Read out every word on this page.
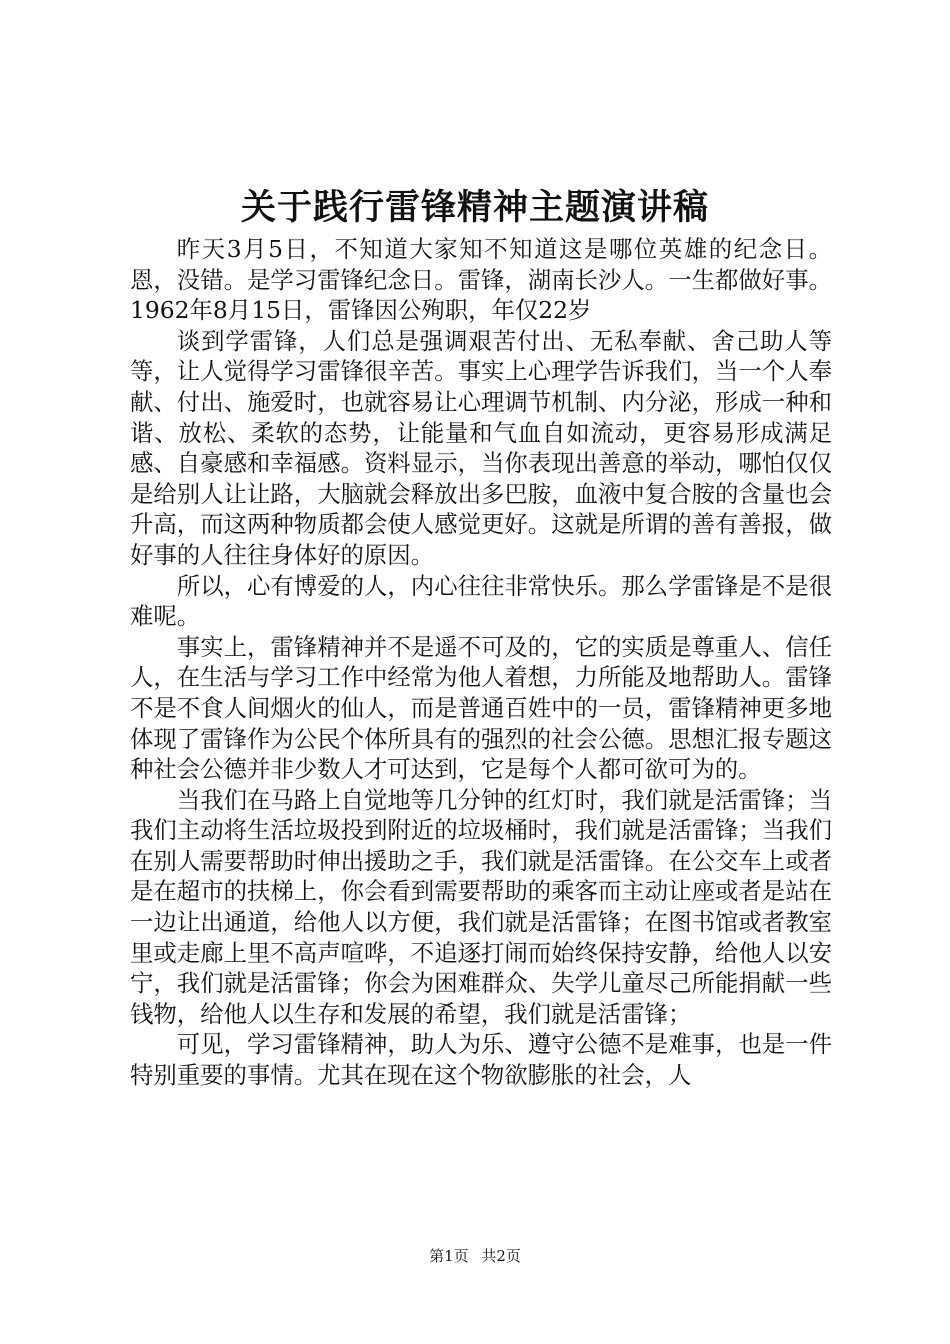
关于践行雷锋精神主题演讲稿

昨天3月5日，不知道大家知不知道这是哪位英雄的纪念日。恩，没错。是学习雷锋纪念日。雷锋，湖南长沙人。一生都做好事。1962年8月15日，雷锋因公殉职，年仅22岁

谈到学雷锋，人们总是强调艰苦付出、无私奉献、舍己助人等等，让人觉得学习雷锋很辛苦。事实上心理学告诉我们，当一个人奉献、付出、施爱时，也就容易让心理调节机制、内分泌，形成一种和谐、放松、柔软的态势，让能量和气血自如流动，更容易形成满足感、自豪感和幸福感。资料显示，当你表现出善意的举动，哪怕仅仅是给别人让让路，大脑就会释放出多巴胺，血液中复合胺的含量也会升高，而这两种物质都会使人感觉更好。这就是所谓的善有善报，做好事的人往往身体好的原因。

所以，心有博爱的人，内心往往非常快乐。那么学雷锋是不是很难呢。

事实上，雷锋精神并不是遥不可及的，它的实质是尊重人、信任人，在生活与学习工作中经常为他人着想，力所能及地帮助人。雷锋不是不食人间烟火的仙人，而是普通百姓中的一员，雷锋精神更多地体现了雷锋作为公民个体所具有的强烈的社会公德。思想汇报专题这种社会公德并非少数人才可达到，它是每个人都可欲可为的。

当我们在马路上自觉地等几分钟的红灯时，我们就是活雷锋；当我们主动将生活垃圾投到附近的垃圾桶时，我们就是活雷锋；当我们在别人需要帮助时伸出援助之手，我们就是活雷锋。在公交车上或者是在超市的扶梯上，你会看到需要帮助的乘客而主动让座或者是站在一边让出通道，给他人以方便，我们就是活雷锋；在图书馆或者教室里或走廊上里不高声喧哗，不追逐打闹而始终保持安静，给他人以安宁，我们就是活雷锋；你会为困难群众、失学儿童尽己所能捐献一些钱物，给他人以生存和发展的希望，我们就是活雷锋；

可见，学习雷锋精神，助人为乐、遵守公德不是难事，也是一件特别重要的事情。尤其在现在这个物欲膨胀的社会，人

第1页 共2页
